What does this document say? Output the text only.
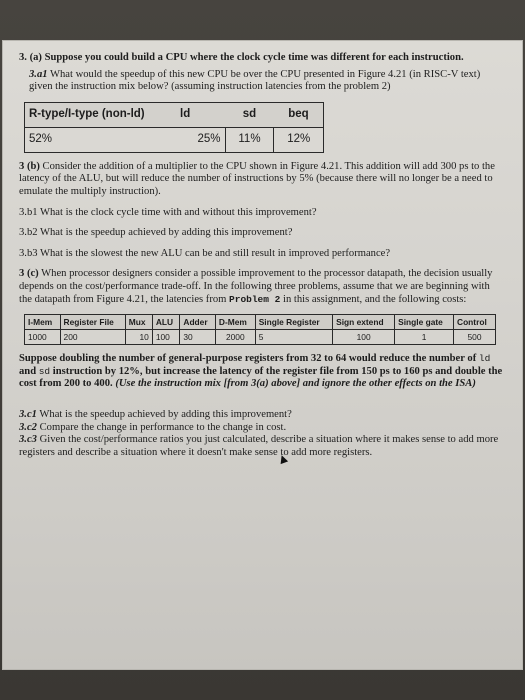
3. (a) Suppose you could build a CPU where the clock cycle time was different for each instruction.

3.a1 What would the speedup of this new CPU be over the CPU presented in Figure 4.21 (in RISC-V text) given the instruction mix below? (assuming instruction latencies from the problem 2)

R-type/I-type (non-ld)	ld	sd	beq
52%	25%	11%	12%

3 (b) Consider the addition of a multiplier to the CPU shown in Figure 4.21. This addition will add 300 ps to the latency of the ALU, but will reduce the number of instructions by 5% (because there will no longer be a need to emulate the multiply instruction).

3.b1 What is the clock cycle time with and without this improvement?

3.b2 What is the speedup achieved by adding this improvement?

3.b3 What is the slowest the new ALU can be and still result in improved performance?

3 (c) When processor designers consider a possible improvement to the processor datapath, the decision usually depends on the cost/performance trade-off. In the following three problems, assume that we are beginning with the datapath from Figure 4.21, the latencies from Problem 2 in this assignment, and the following costs:

I-Mem	Register File	Mux	ALU	Adder	D-Mem	Single Register	Sign extend	Single gate	Control
1000	200	10	100	30	2000	5	100	1	500

Suppose doubling the number of general-purpose registers from 32 to 64 would reduce the number of ld and sd instruction by 12%, but increase the latency of the register file from 150 ps to 160 ps and double the cost from 200 to 400. (Use the instruction mix [from 3(a) above] and ignore the other effects on the ISA)

3.c1 What is the speedup achieved by adding this improvement?

3.c2 Compare the change in performance to the change in cost.

3.c3 Given the cost/performance ratios you just calculated, describe a situation where it makes sense to add more registers and describe a situation where it doesn't make sense to add more registers.
